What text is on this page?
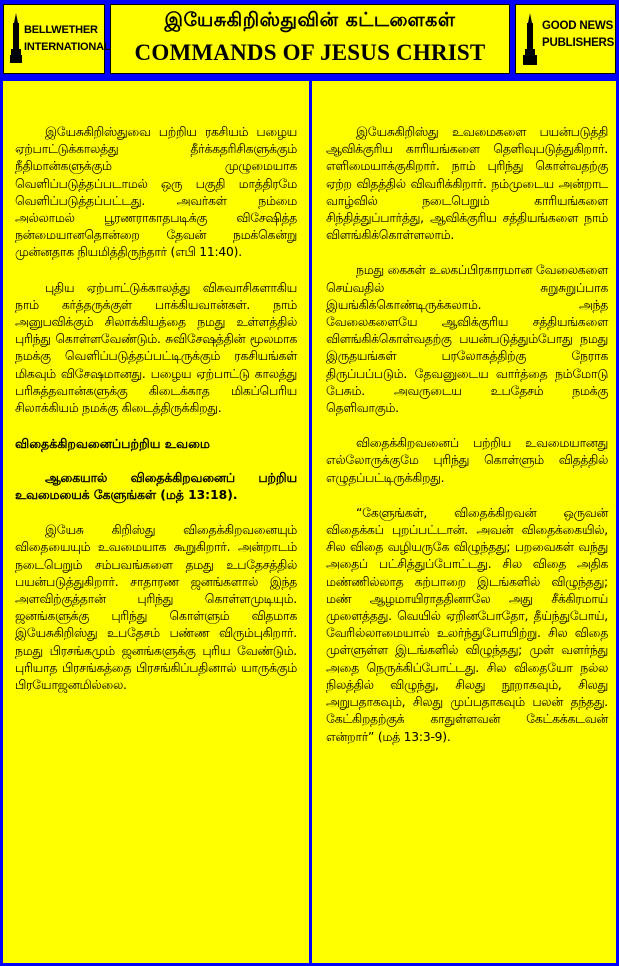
BELLWETHER
INTERNATIONAL
இயேசுகிறிஸ்துவின் கட்டளைகள்
COMMANDS OF JESUS CHRIST
GOOD NEWS
PUBLISHERS

இயேசுகிறிஸ்துவை பற்றிய ரகசியம் பழைய ஏற்பாட்டுக்காலத்து தீர்க்கதரிசிகளுக்கும் நீதிமான்களுக்கும் முழுமையாக வெளிப்படுத்தப்படாமல் ஒரு பகுதி மாத்திரமே வெளிப்படுத்தப்பட்டது. அவர்கள் நம்மை அல்லாமல் பூரணராகாதபடிக்கு விசேஷித்த நன்மையானதொன்றை தேவன் நமக்கென்று முன்னதாக நியமித்திருந்தார் (எபி 11:40).

புதிய ஏற்பாட்டுக்காலத்து விசுவாசிகளாகிய நாம் கர்த்தருக்குள் பாக்கியவான்கள். நாம் அனுபவிக்கும் சிலாக்கியத்தை நமது உள்ளத்தில் புரிந்து கொள்ளவேண்டும். சுவிசேஷத்தின் மூலமாக நமக்கு வெளிப்படுத்தப்பட்டிருக்கும் ரகசியங்கள் மிகவும் விசேஷமானது. பழைய ஏற்பாட்டு காலத்து பரிசுத்தவான்களுக்கு கிடைக்காத மிகப்பெரிய சிலாக்கியம் நமக்கு கிடைத்திருக்கிறது.

விதைக்கிறவனைப்பற்றிய உவமை
ஆகையால் விதைக்கிறவனைப் பற்றிய உவமையைக் கேளுங்கள் (மத் 13:18).

இயேசு கிறிஸ்து விதைக்கிறவனையும் விதையையும் உவமையாக கூறுகிறார். அன்றாடம் நடைபெறும் சம்பவங்களை தமது உபதேசத்தில் பயன்படுத்துகிறார். சாதாரண ஜனங்களால் இந்த அளவிற்குத்தான் புரிந்து கொள்ளமுடியும். ஜனங்களுக்கு புரிந்து கொள்ளும் விதமாக இயேசுகிறிஸ்து உபதேசம் பண்ண விரும்புகிறார். நமது பிரசங்கமும் ஜனங்களுக்கு புரிய வேண்டும். புரியாத பிரசங்கத்தை பிரசங்கிப்பதினால் யாருக்கும் பிரயோஜனமில்லை.

இயேசுகிறிஸ்து உவமைகளை பயன்படுத்தி ஆவிக்குரிய காரியங்களை தெளிவுபடுத்துகிறார். எளிமையாக்குகிறார். நாம் புரிந்து கொள்வதற்கு ஏற்ற விதத்தில் விவரிக்கிறார். நம்முடைய அன்றாட வாழ்வில் நடைபெறும் காரியங்களை சிந்தித்துப்பார்த்து, ஆவிக்குரிய சத்தியங்களை நாம் விளங்கிக்கொள்ளலாம்.

நமது கைகள் உலகப்பிரகாரமான வேலைகளை செய்வதில் சுறுசுறுப்பாக இயங்கிக்கொண்டிருக்கலாம். அந்த வேலைகளையே ஆவிக்குரிய சத்தியங்களை விளங்கிக்கொள்வதற்கு பயன்படுத்தும்போது நமது இருதயங்கள் பரலோகத்திற்கு நேராக திருப்பப்படும். தேவனுடைய வார்த்தை நம்மோடு பேசும். அவருடைய உபதேசம் நமக்கு தெளிவாகும்.

விதைக்கிறவனைப் பற்றிய உவமையானது எல்லோருக்குமே புரிந்து கொள்ளும் விதத்தில் எழுதப்பட்டிருக்கிறது.

“கேளுங்கள், விதைக்கிறவன் ஒருவன் விதைக்கப் புறப்பட்டான். அவன் விதைக்கையில், சில விதை வழியருகே விழுந்தது; பறவைகள் வந்து அதைப் பட்சித்துப்போட்டது. சில விதை அதிக மண்ணில்லாத கற்பாறை இடங்களில் விழுந்தது; மண் ஆழமாயிராததினாலே அது சீக்கிரமாய் முளைத்தது. வெயில் ஏறினபோதோ, தீய்ந்துபோய், வேரில்லாமையால் உலர்ந்துபோயிற்று. சில விதை முள்ளுள்ள இடங்களில் விழுந்தது; முள் வளர்ந்து அதை நெருக்கிப்போட்டது. சில விதையோ நல்ல நிலத்தில் விழுந்து, சிலது நூறாகவும், சிலது அறுபதாகவும், சிலது முப்பதாகவும் பலன் தந்தது. கேட்கிறதற்குக் காதுள்ளவன் கேட்கக்கடவன் என்றார்” (மத் 13:3-9).
